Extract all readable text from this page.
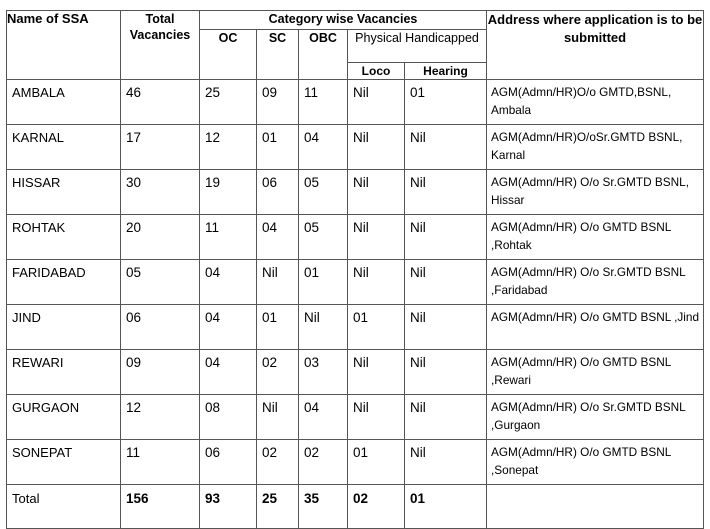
Name of SSA	Total Vacancies	Category wise Vacancies					Address where application is to be submitted
		OC	SC	OBC	Physical Handicapped		
					Loco	Hearing	
AMBALA	46	25	09	11	Nil	01	AGM(Admn/HR)O/o GMTD,BSNL, Ambala
KARNAL	17	12	01	04	Nil	Nil	AGM(Admn/HR)O/oSr.GMTD BSNL, Karnal
HISSAR	30	19	06	05	Nil	Nil	AGM(Admn/HR) O/o Sr.GMTD BSNL, Hissar
ROHTAK	20	11	04	05	Nil	Nil	AGM(Admn/HR) O/o GMTD BSNL ,Rohtak
FARIDABAD	05	04	Nil	01	Nil	Nil	AGM(Admn/HR) O/o Sr.GMTD BSNL ,Faridabad
JIND	06	04	01	Nil	01	Nil	AGM(Admn/HR) O/o GMTD BSNL ,Jind
REWARI	09	04	02	03	Nil	Nil	AGM(Admn/HR) O/o GMTD BSNL ,Rewari
GURGAON	12	08	Nil	04	Nil	Nil	AGM(Admn/HR) O/o Sr.GMTD BSNL ,Gurgaon
SONEPAT	11	06	02	02	01	Nil	AGM(Admn/HR) O/o GMTD BSNL ,Sonepat
Total	156	93	25	35	02	01	
